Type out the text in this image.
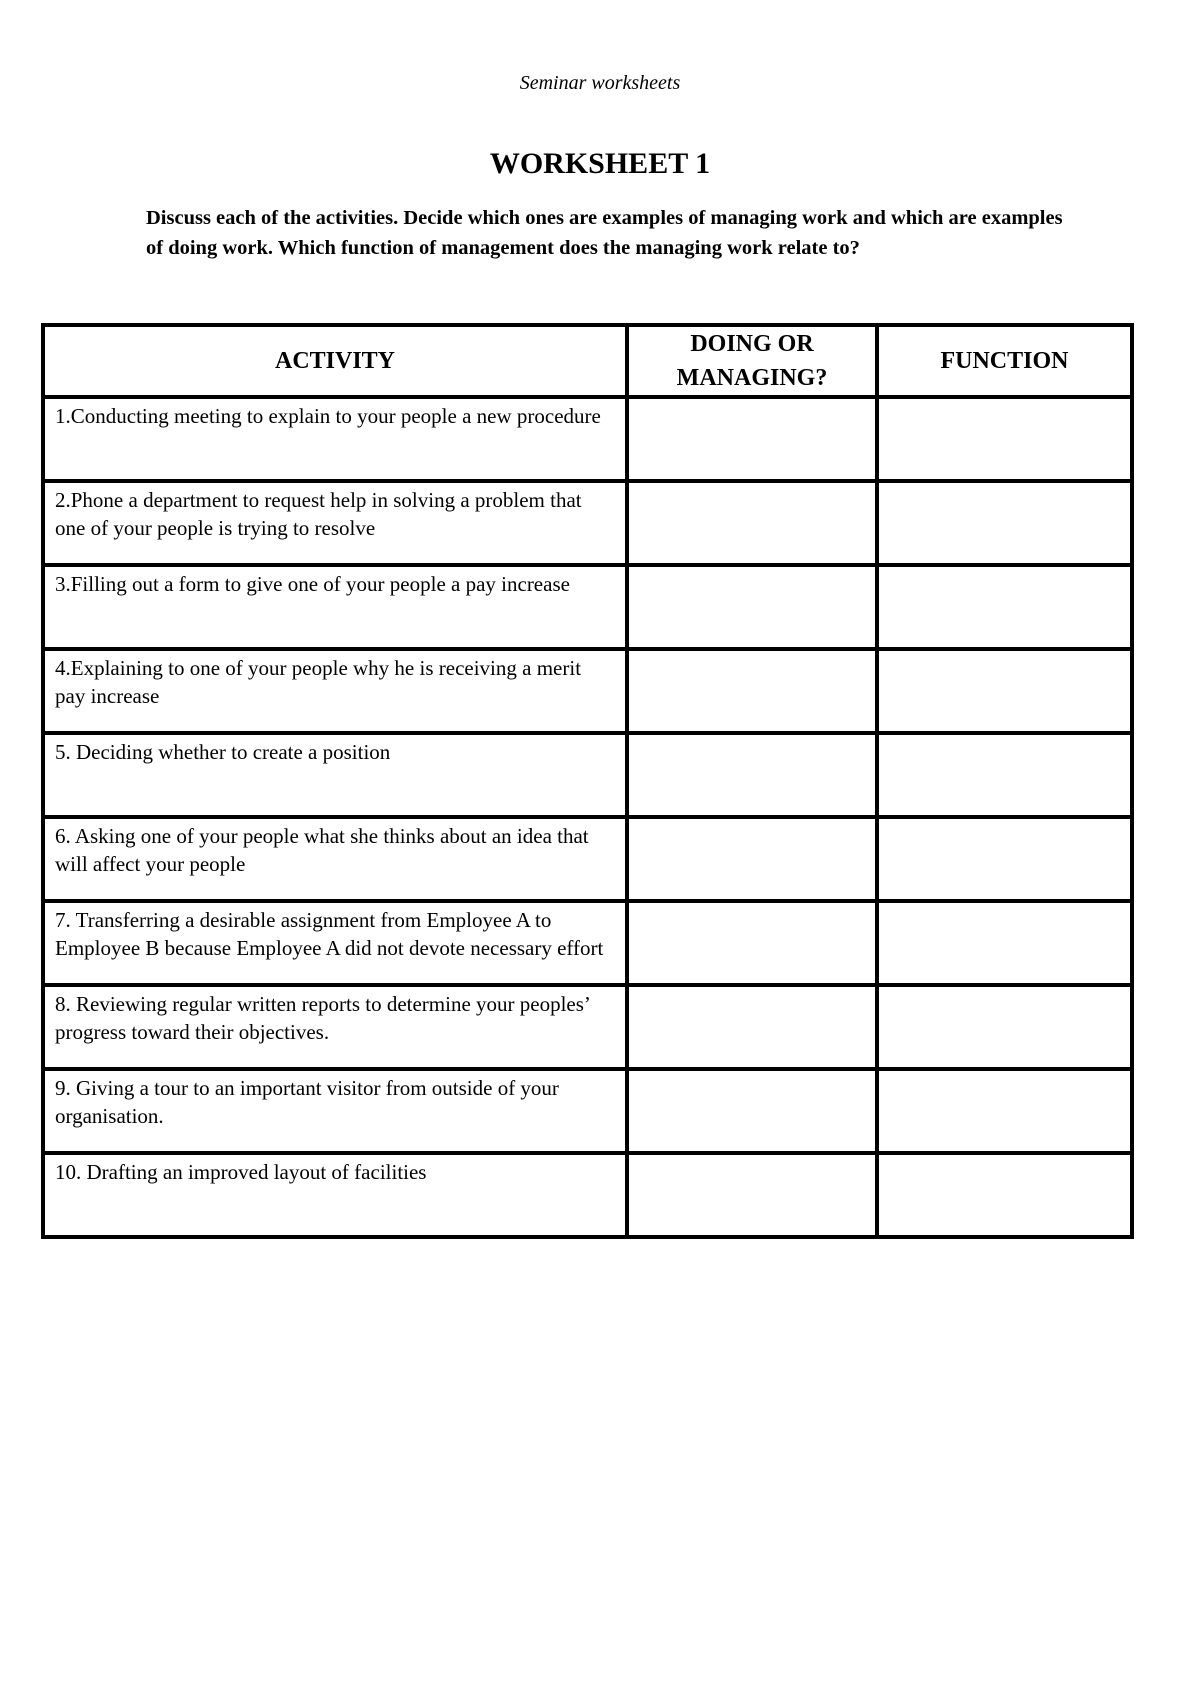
Seminar worksheets
WORKSHEET 1
Discuss each of the activities. Decide which ones are examples of managing work and which are examples of doing work. Which function of management does the managing work relate to?
ACTIVITY	DOING OR MANAGING?	FUNCTION
1.Conducting meeting to explain to your people a new procedure		
2.Phone a department to request help in solving a problem that one of your people is trying to resolve		
3.Filling out a form to give one of your people a pay increase		
4.Explaining to one of your people why he is receiving a merit pay increase		
5. Deciding whether to create a position		
6. Asking one of your people what she thinks about an idea that will affect your people		
7. Transferring a desirable assignment from Employee A to Employee B because Employee A did not devote necessary effort		
8. Reviewing regular written reports to determine your peoples’ progress toward their objectives.		
9. Giving a tour to an important visitor from outside of your organisation.		
10. Drafting an improved layout of facilities		
